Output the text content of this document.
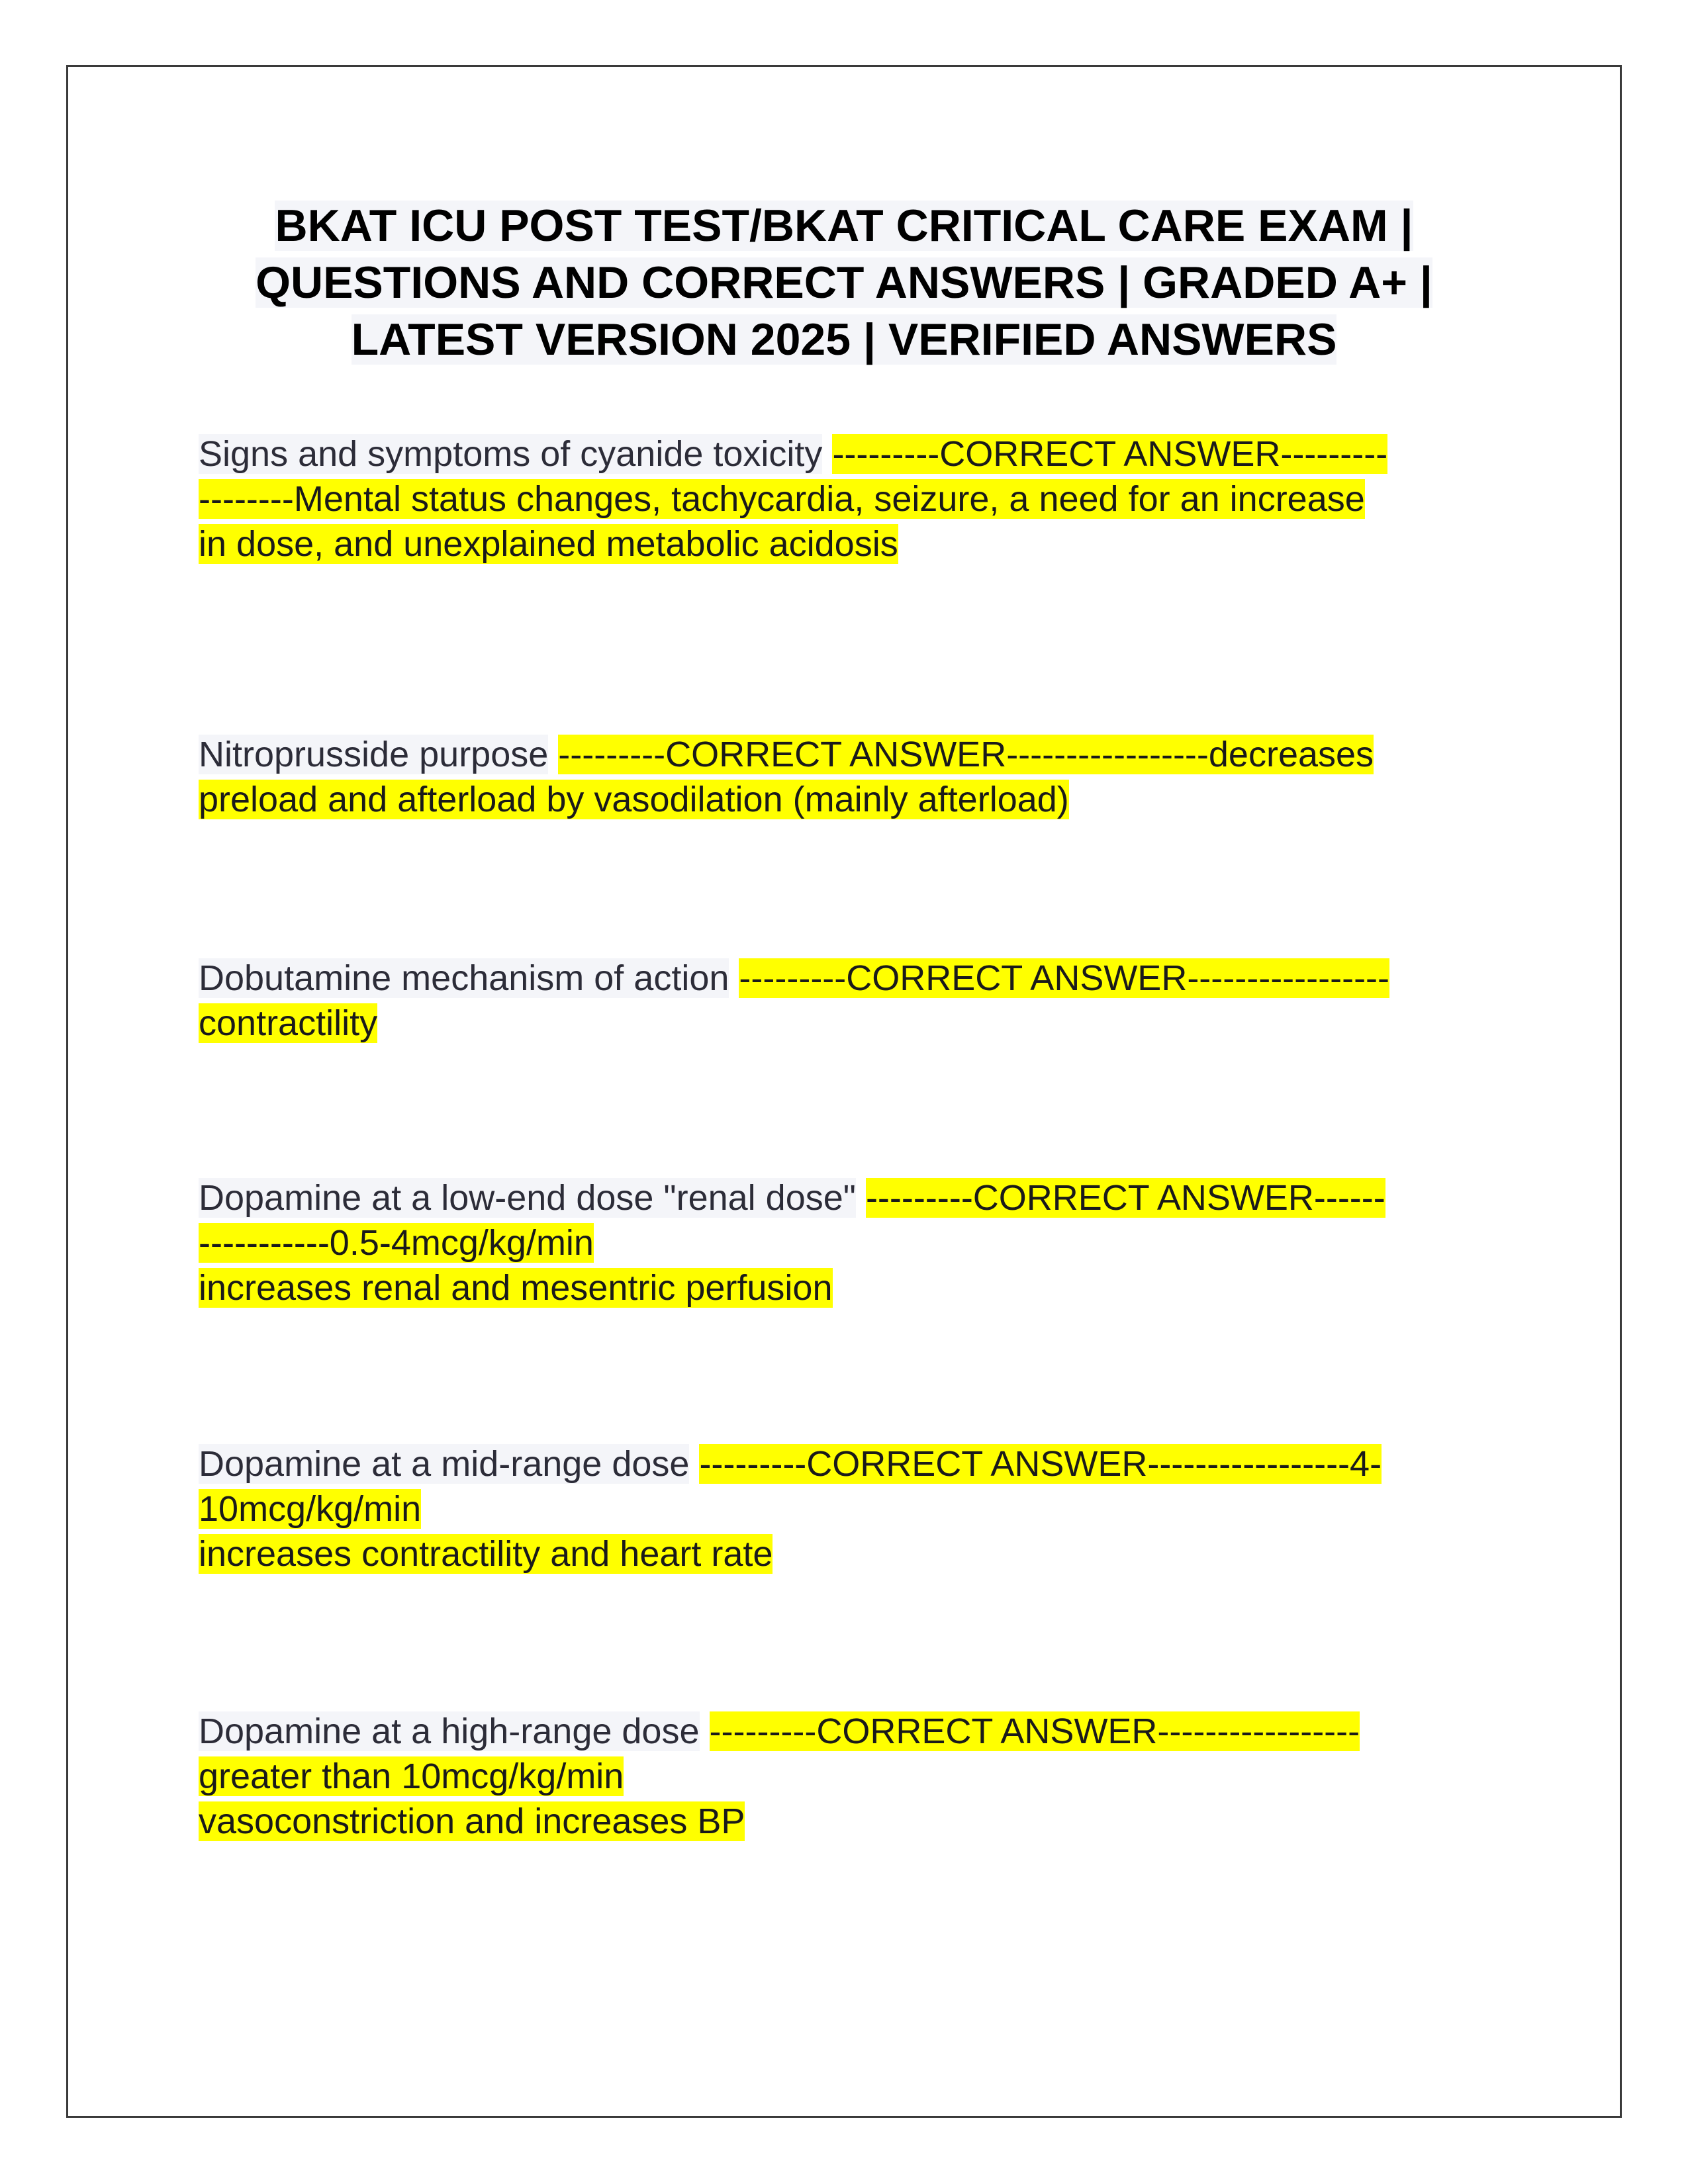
BKAT ICU POST TEST/BKAT CRITICAL CARE EXAM | QUESTIONS AND CORRECT ANSWERS | GRADED A+ | LATEST VERSION 2025 | VERIFIED ANSWERS
Signs and symptoms of cyanide toxicity ---------CORRECT ANSWER---------
--------Mental status changes, tachycardia, seizure, a need for an increase
in dose, and unexplained metabolic acidosis
Nitroprusside purpose ---------CORRECT ANSWER-----------------decreases
preload and afterload by vasodilation (mainly afterload)
Dobutamine mechanism of action ---------CORRECT ANSWER-----------------
contractility
Dopamine at a low-end dose "renal dose" ---------CORRECT ANSWER------
-----------0.5-4mcg/kg/min
increases renal and mesentric perfusion
Dopamine at a mid-range dose ---------CORRECT ANSWER-----------------4-
10mcg/kg/min
increases contractility and heart rate
Dopamine at a high-range dose ---------CORRECT ANSWER-----------------
greater than 10mcg/kg/min
vasoconstriction and increases BP
